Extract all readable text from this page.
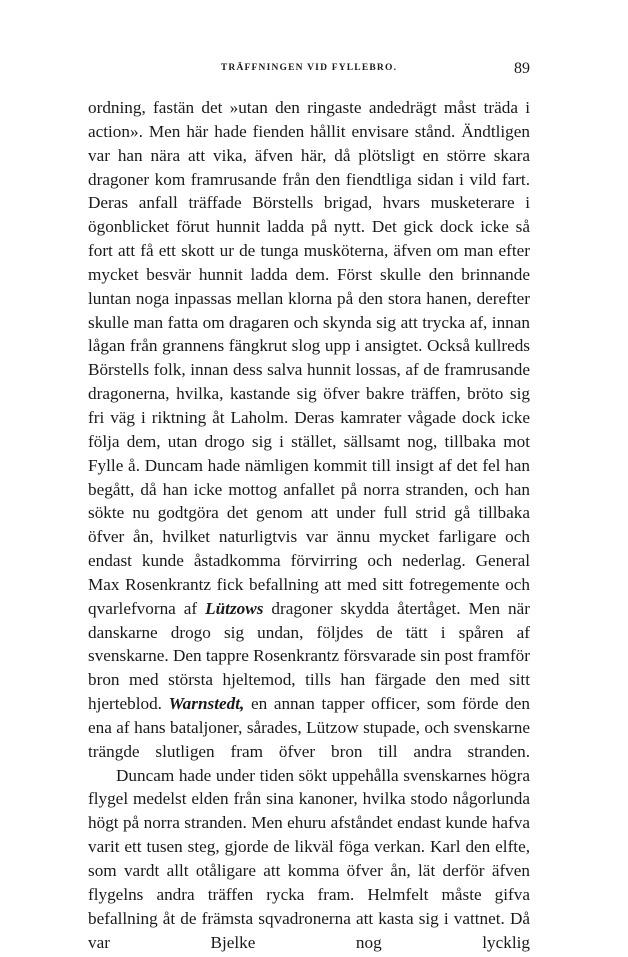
TRÄFFNINGEN VID FYLLEBRO.	89

ordning, fastän det »utan den ringaste andedrägt måst träda i action». Men här hade fienden hållit envisare stånd. Ändtligen var han nära att vika, äfven här, då plötsligt en större skara dragoner kom framrusande från den fiendtliga sidan i vild fart. Deras anfall träffade Börstells brigad, hvars musketerare i ögonblicket förut hunnit ladda på nytt. Det gick dock icke så fort att få ett skott ur de tunga musköterna, äfven om man efter mycket besvär hunnit ladda dem. Först skulle den brinnande luntan noga inpassas mellan klorna på den stora hanen, derefter skulle man fatta om dragaren och skynda sig att trycka af, innan lågan från grannens fängkrut slog upp i ansigtet. Också kullreds Börstells folk, innan dess salva hunnit lossas, af de framrusande dragonerna, hvilka, kastande sig öfver bakre träffen, bröto sig fri väg i riktning åt Laholm. Deras kamrater vågade dock icke följa dem, utan drogo sig i stället, sällsamt nog, tillbaka mot Fylle å. Duncam hade nämligen kommit till insigt af det fel han begått, då han icke mottog anfallet på norra stranden, och han sökte nu godtgöra det genom att under full strid gå tillbaka öfver ån, hvilket naturligtvis var ännu mycket farligare och endast kunde åstadkomma förvirring och nederlag. General Max Rosenkrantz fick befallning att med sitt fotregemente och qvarlefvorna af Lützows dragoner skydda återtåget. Men när danskarne drogo sig undan, följdes de tätt i spåren af svenskarne. Den tappre Rosenkrantz försvarade sin post framför bron med största hjeltemod, tills han färgade den med sitt hjerteblod. Warnstedt, en annan tapper officer, som förde den ena af hans bataljoner, sårades, Lützow stupade, och svenskarne trängde slutligen fram öfver bron till andra stranden.

Duncam hade under tiden sökt uppehålla svenskarnes högra flygel medelst elden från sina kanoner, hvilka stodo någorlunda högt på norra stranden. Men ehuru afståndet endast kunde hafva varit ett tusen steg, gjorde de likväl föga verkan. Karl den elfte, som vardt allt otåligare att komma öfver ån, lät derför äfven flygelns andra träffen rycka fram. Helmfelt måste gifva befallning åt de främsta sqvadronerna att kasta sig i vattnet. Då var Bjelke nog lycklig
